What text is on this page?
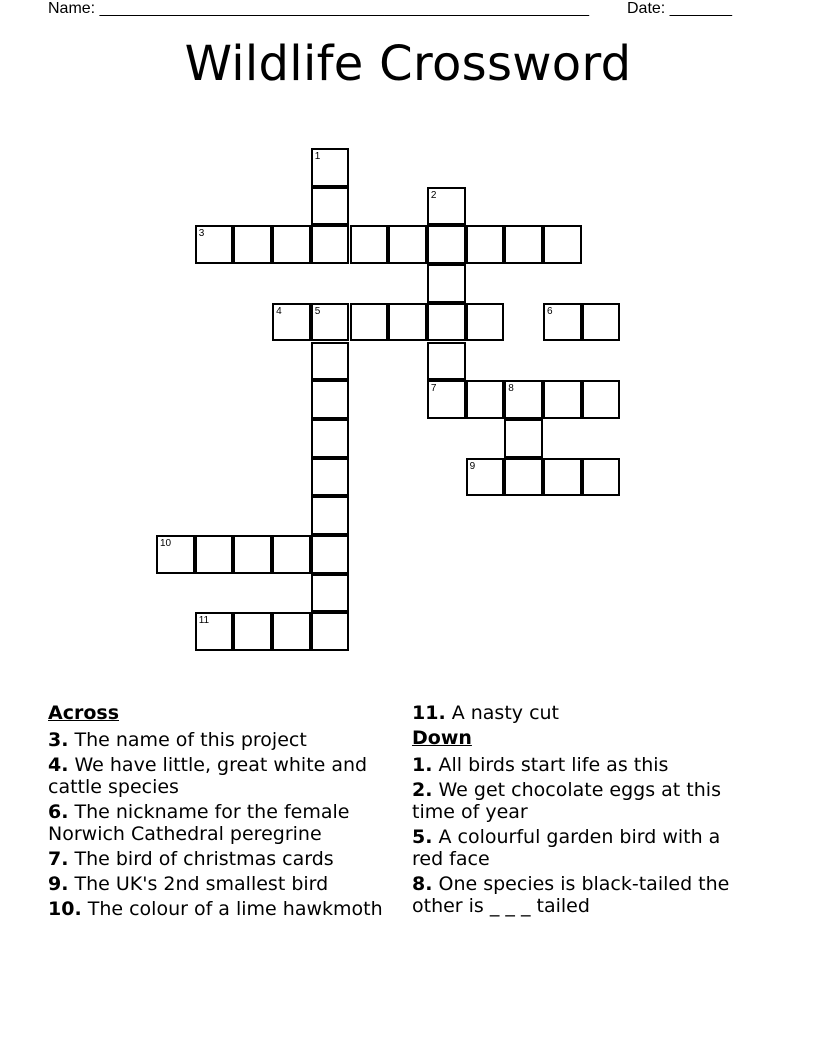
Name: _______________________________________________________ Date: _______
Wildlife Crossword
1
2
7
3
4	5	6
8
9
10
11
Across
3. The name of this project
4. We have little, great white and cattle species
6. The nickname for the female Norwich Cathedral peregrine
7. The bird of christmas cards
9. The UK's 2nd smallest bird
10. The colour of a lime hawkmoth
11. A nasty cut
Down
1. All birds start life as this
2. We get chocolate eggs at this time of year
5. A colourful garden bird with a red face
8. One species is black-tailed the other is _ _ _ tailed
